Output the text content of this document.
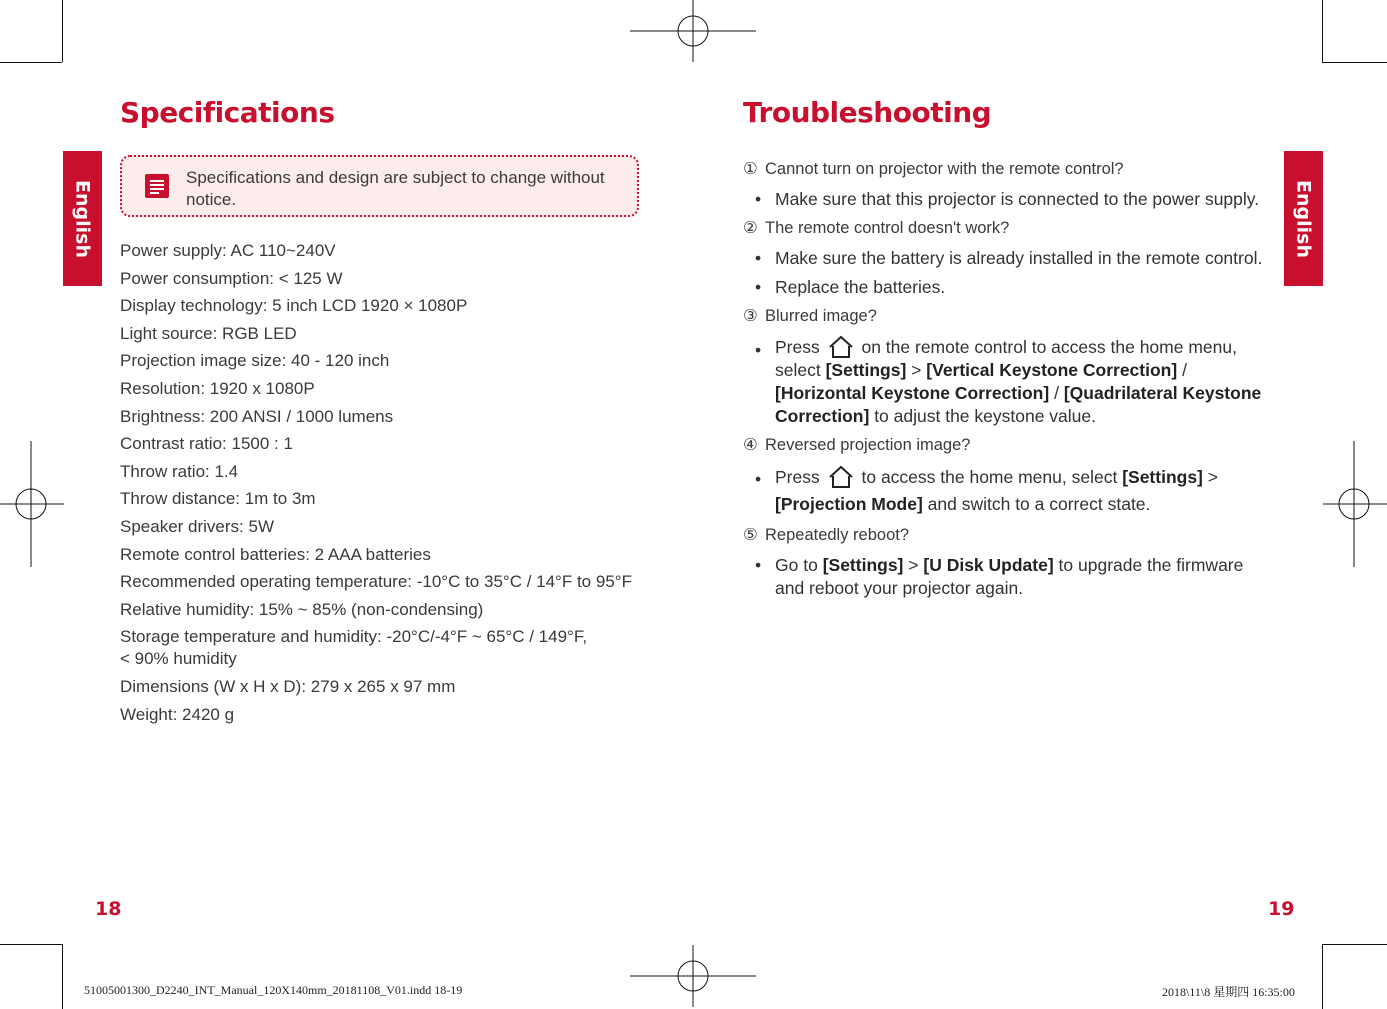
English	English
Specifications
Specifications and design are subject to change without notice.
Power supply: AC 110~240V
Power consumption: < 125 W
Display technology: 5 inch LCD 1920 × 1080P
Light source: RGB LED
Projection image size: 40 - 120 inch
Resolution: 1920 x 1080P
Brightness: 200 ANSI / 1000 lumens
Contrast ratio: 1500 : 1
Throw ratio: 1.4
Throw distance: 1m to 3m
Speaker drivers: 5W
Remote control batteries: 2 AAA batteries
Recommended operating temperature: -10°C to 35°C / 14°F to 95°F
Relative humidity: 15% ~ 85% (non-condensing)
Storage temperature and humidity: -20°C/-4°F ~ 65°C / 149°F,
< 90% humidity
Dimensions (W x H x D): 279 x 265 x 97 mm
Weight: 2420 g
18
Troubleshooting
① Cannot turn on projector with the remote control?
• Make sure that this projector is connected to the power supply.
② The remote control doesn't work?
• Make sure the battery is already installed in the remote control.
• Replace the batteries.
③ Blurred image?
• Press on the remote control to access the home menu, select [Settings] > [Vertical Keystone Correction] / [Horizontal Keystone Correction] / [Quadrilateral Keystone Correction] to adjust the keystone value.
④ Reversed projection image?
• Press to access the home menu, select [Settings] > [Projection Mode] and switch to a correct state.
⑤ Repeatedly reboot?
• Go to [Settings] > [U Disk Update] to upgrade the firmware and reboot your projector again.
19
51005001300_D2240_INT_Manual_120X140mm_20181108_V01.indd 18-19	2018\11\8 星期四 16:35:00
